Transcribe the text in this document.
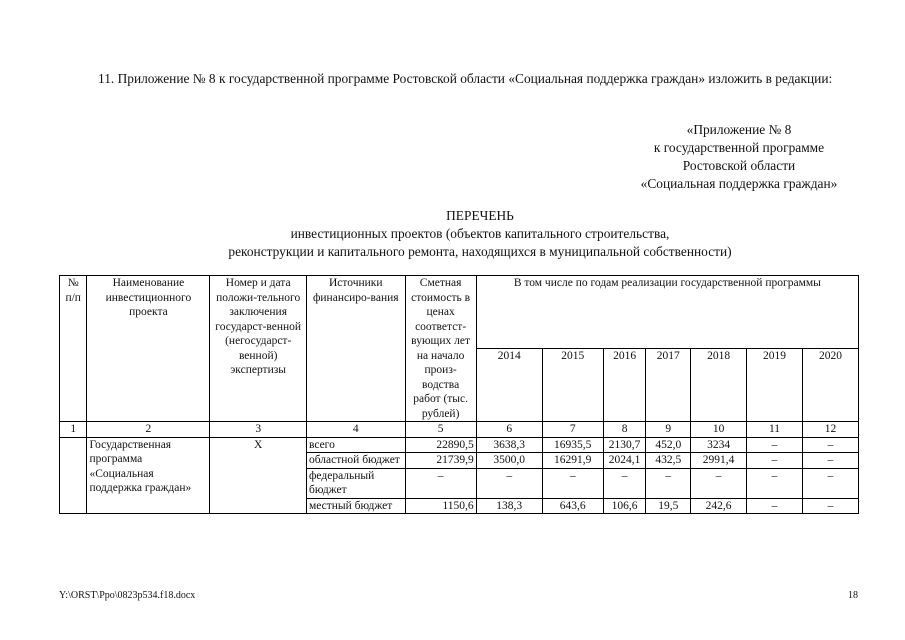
11. Приложение № 8 к государственной программе Ростовской области «Социальная поддержка граждан» изложить в редакции:
«Приложение № 8
к государственной программе
Ростовской области
«Социальная поддержка граждан»
ПЕРЕЧЕНЬ
инвестиционных проектов (объектов капитального строительства,
реконструкции и капитального ремонта, находящихся в муниципальной собственности)
№ п/п	Наименование инвестиционного проекта	Номер и дата положи-тельного заключения государст-венной (негосударст-венной) экспертизы	Источники финансиро-вания	Сметная стоимость в ценах соответст-вующих лет на начало произ-водства работ (тыс. рублей)	В том числе по годам реализации государственной программы						
					2014	2015	2016	2017	2018	2019	2020
1	2	3	4	5	6	7	8	9	10	11	12
	Государственная программа «Социальная поддержка граждан»	Х	всего	22890,5	3638,3	16935,5	2130,7	452,0	3234	–	–
			областной бюджет	21739,9	3500,0	16291,9	2024,1	432,5	2991,4	–	–
			федеральный бюджет	–	–	–	–	–	–	–	–
			местный бюджет	1150,6	138,3	643,6	106,6	19,5	242,6	–	–
Y:\ORST\Ppo\0823p534.f18.docx	18
